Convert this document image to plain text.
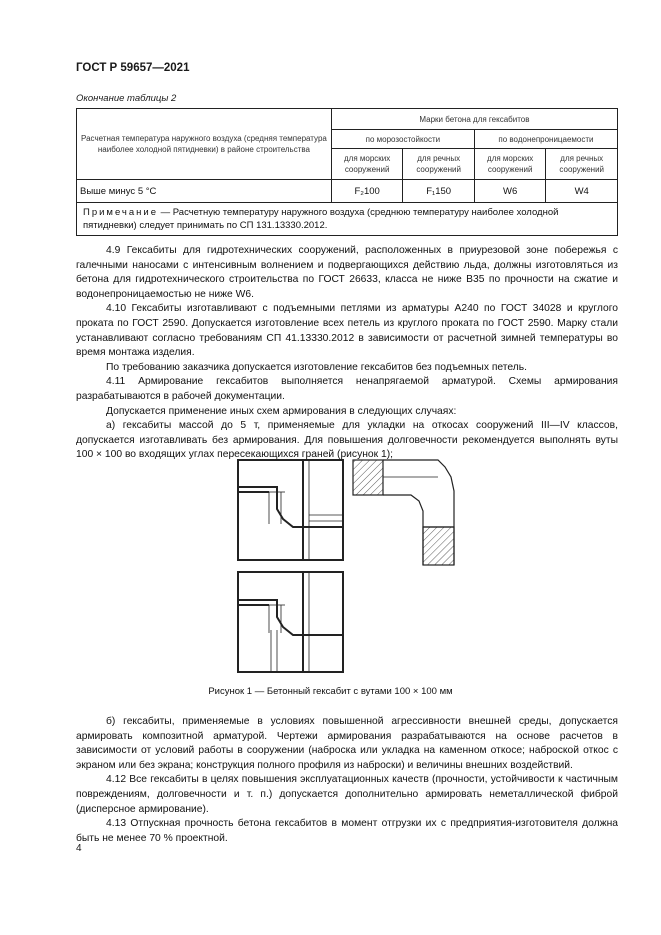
ГОСТ Р 59657—2021
Окончание таблицы 2
Расчетная температура наружного воздуха (средняя температура наиболее холодной пятидневки) в районе строительства	Марки бетона для гексабитов			
	по морозостойкости		по водонепроницаемости	
	для морских сооружений	для речных сооружений	для морских сооружений	для речных сооружений
Выше минус 5 °С	F₂100	F₁150	W6	W4
Примечание — Расчетную температуру наружного воздуха (среднюю температуру наиболее холодной пятидневки) следует принимать по СП 131.13330.2012.				

4.9 Гексабиты для гидротехнических сооружений, расположенных в приурезовой зоне побережья с галечными наносами с интенсивным волнением и подвергающихся действию льда, должны изготовляться из бетона для гидротехнического строительства по ГОСТ 26633, класса не ниже B35 по прочности на сжатие и водонепроницаемостью не ниже W6.

4.10 Гексабиты изготавливают с подъемными петлями из арматуры А240 по ГОСТ 34028 и круглого проката по ГОСТ 2590. Допускается изготовление всех петель из круглого проката по ГОСТ 2590. Марку стали устанавливают согласно требованиям СП 41.13330.2012 в зависимости от расчетной зимней температуры во время монтажа изделия.

По требованию заказчика допускается изготовление гексабитов без подъемных петель.

4.11 Армирование гексабитов выполняется ненапрягаемой арматурой. Схемы армирования разрабатываются в рабочей документации.

Допускается применение иных схем армирования в следующих случаях:

а) гексабиты массой до 5 т, применяемые для укладки на откосах сооружений III—IV классов, допускается изготавливать без армирования. Для повышения долговечности рекомендуется выполнять вуты 100 × 100 во входящих углах пересекающихся граней (рисунок 1);

Рисунок 1 — Бетонный гексабит с вутами 100 × 100 мм

б) гексабиты, применяемые в условиях повышенной агрессивности внешней среды, допускается армировать композитной арматурой. Чертежи армирования разрабатываются на основе расчетов в зависимости от условий работы в сооружении (наброска или укладка на каменном откосе; наброской откос с экраном или без экрана; конструкция полного профиля из наброски) и величины внешних воздействий.

4.12 Все гексабиты в целях повышения эксплуатационных качеств (прочности, устойчивости к частичным повреждениям, долговечности и т. п.) допускается дополнительно армировать неметаллической фиброй (дисперсное армирование).

4.13 Отпускная прочность бетона гексабитов в момент отгрузки их с предприятия-изготовителя должна быть не менее 70 % проектной.

4
